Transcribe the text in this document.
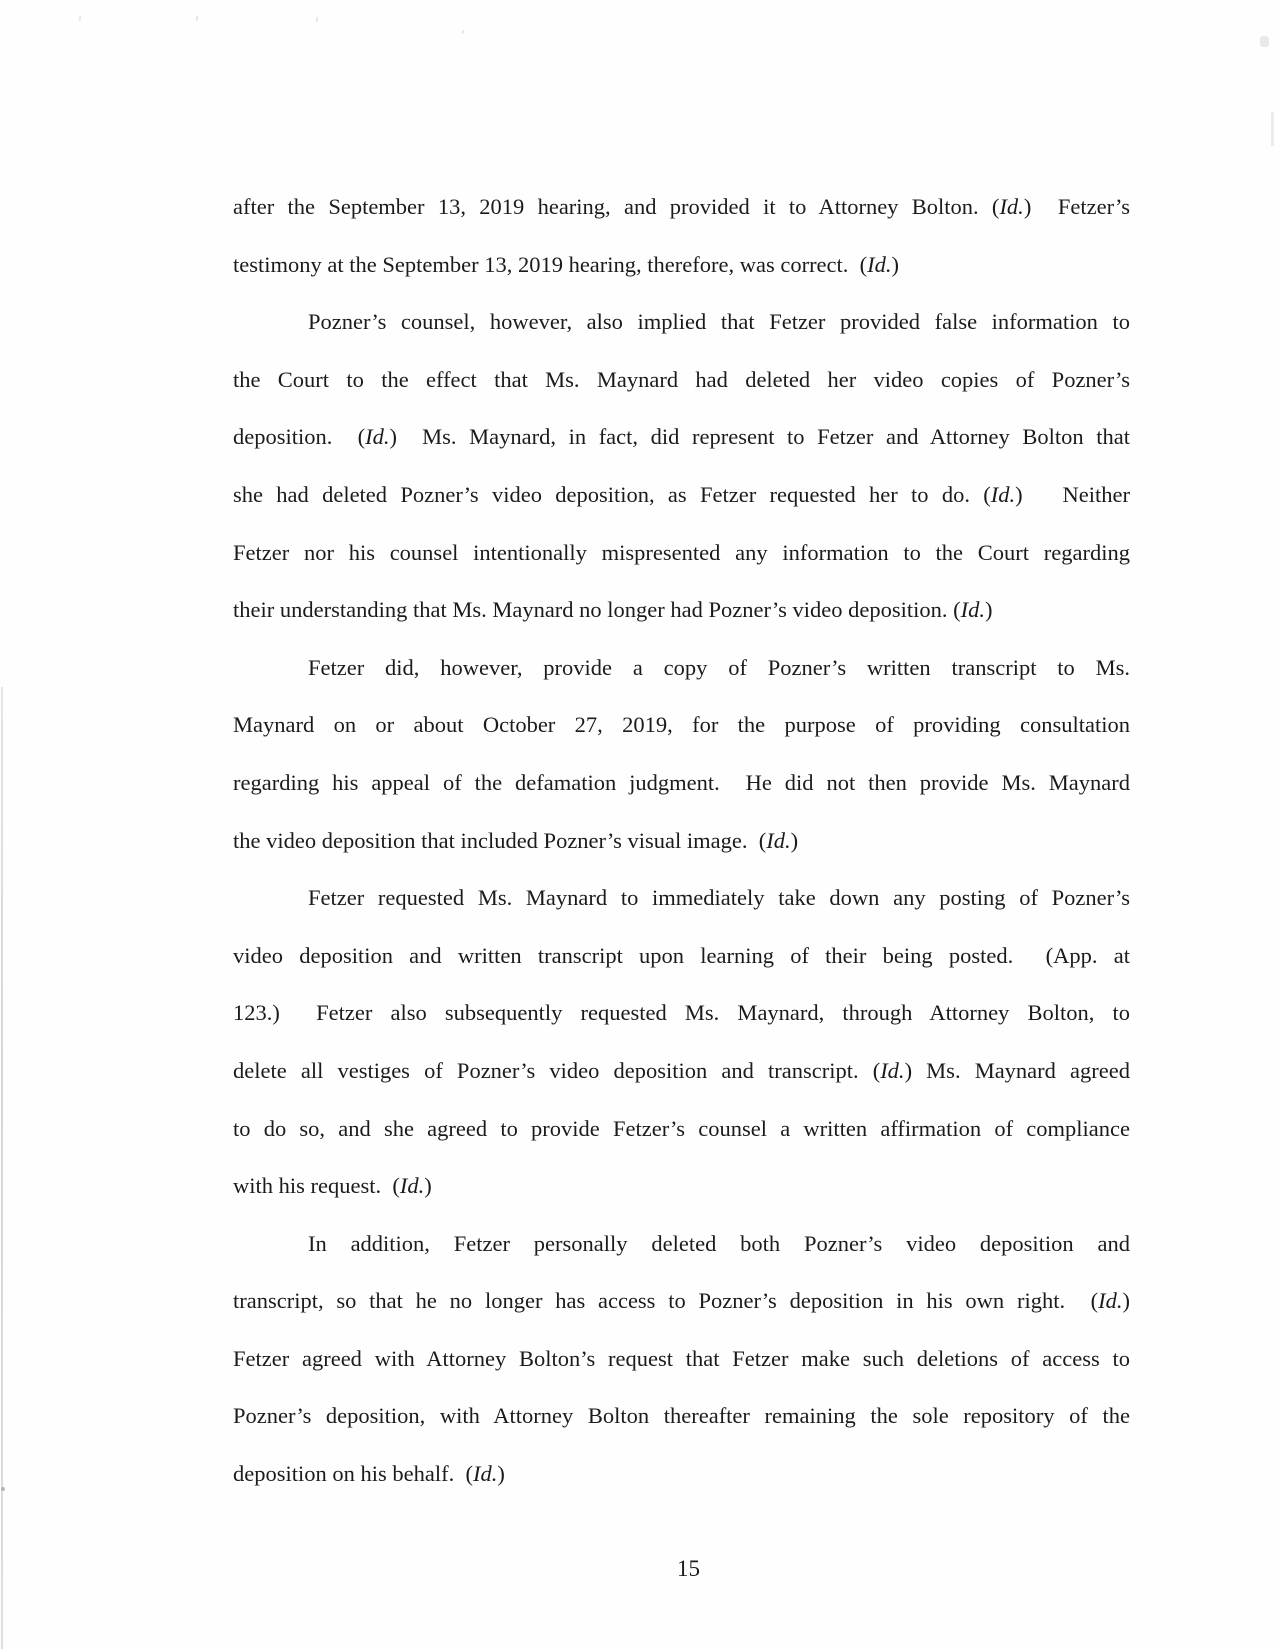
after the September 13, 2019 hearing, and provided it to Attorney Bolton. (Id.)  Fetzer’s
testimony at the September 13, 2019 hearing, therefore, was correct.  (Id.)
Pozner’s counsel, however, also implied that Fetzer provided false information to
the Court to the effect that Ms. Maynard had deleted her video copies of Pozner’s
deposition.  (Id.)  Ms. Maynard, in fact, did represent to Fetzer and Attorney Bolton that
she had deleted Pozner’s video deposition, as Fetzer requested her to do. (Id.)   Neither
Fetzer nor his counsel intentionally mispresented any information to the Court regarding
their understanding that Ms. Maynard no longer had Pozner’s video deposition. (Id.)
Fetzer did, however, provide a copy of Pozner’s written transcript to Ms.
Maynard on or about October 27, 2019, for the purpose of providing consultation
regarding his appeal of the defamation judgment.  He did not then provide Ms. Maynard
the video deposition that included Pozner’s visual image.  (Id.)
Fetzer requested Ms. Maynard to immediately take down any posting of Pozner’s
video deposition and written transcript upon learning of their being posted.  (App. at
123.)  Fetzer also subsequently requested Ms. Maynard, through Attorney Bolton, to
delete all vestiges of Pozner’s video deposition and transcript. (Id.) Ms. Maynard agreed
to do so, and she agreed to provide Fetzer’s counsel a written affirmation of compliance
with his request.  (Id.)
In addition, Fetzer personally deleted both Pozner’s video deposition and
transcript, so that he no longer has access to Pozner’s deposition in his own right.  (Id.)
Fetzer agreed with Attorney Bolton’s request that Fetzer make such deletions of access to
Pozner’s deposition, with Attorney Bolton thereafter remaining the sole repository of the
deposition on his behalf.  (Id.)
15
